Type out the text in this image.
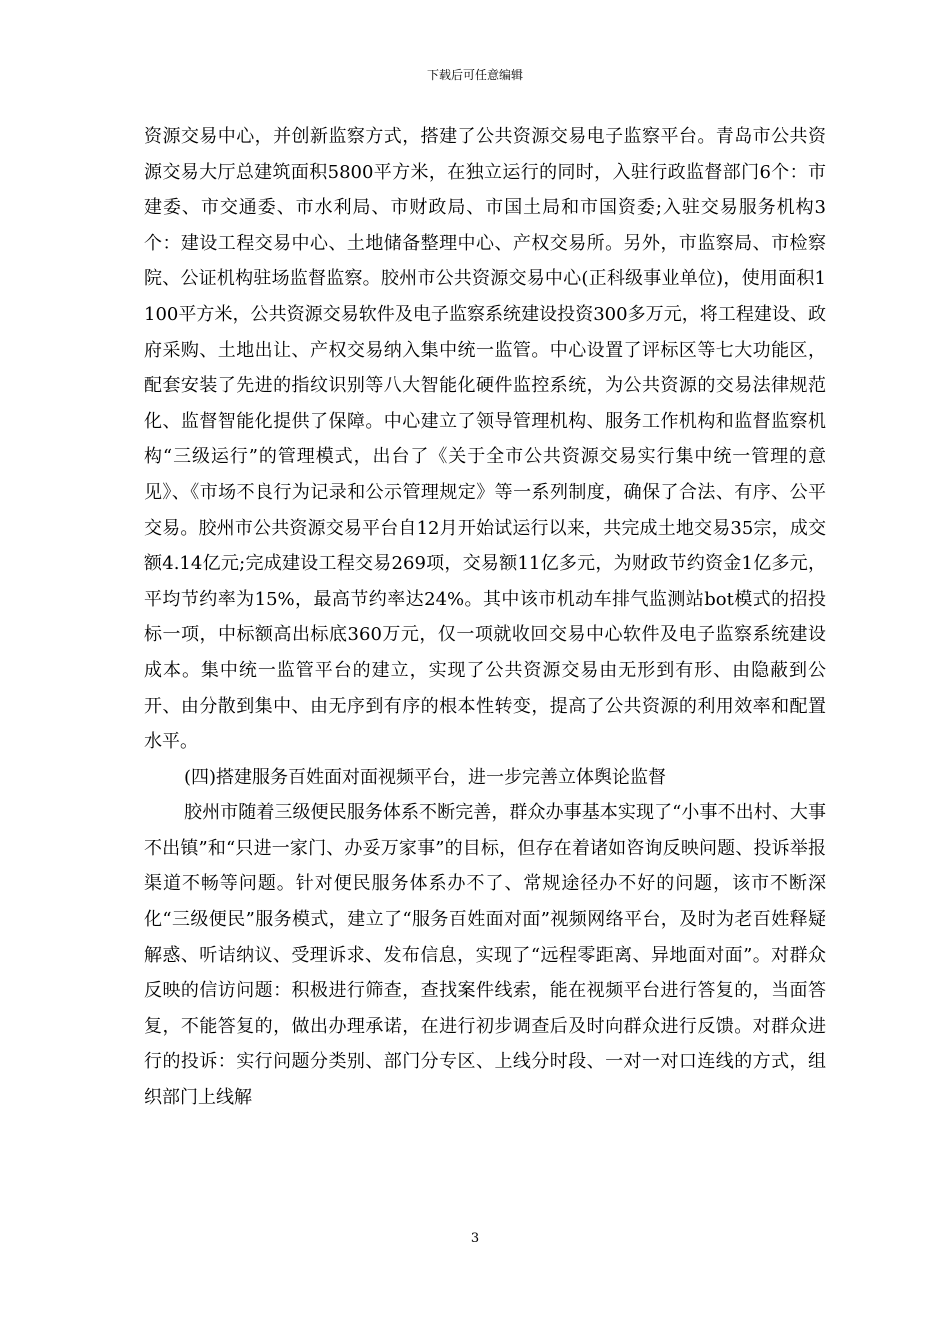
下载后可任意编辑

资源交易中心，并创新监察方式，搭建了公共资源交易电子监察平台。青岛市公共资源交易大厅总建筑面积5800平方米，在独立运行的同时，入驻行政监督部门6个：市建委、市交通委、市水利局、市财政局、市国土局和市国资委;入驻交易服务机构3个：建设工程交易中心、土地储备整理中心、产权交易所。另外，市监察局、市检察院、公证机构驻场监督监察。胶州市公共资源交易中心(正科级事业单位)，使用面积1100平方米，公共资源交易软件及电子监察系统建设投资300多万元，将工程建设、政府采购、土地出让、产权交易纳入集中统一监管。中心设置了评标区等七大功能区，配套安装了先进的指纹识别等八大智能化硬件监控系统，为公共资源的交易法律规范化、监督智能化提供了保障。中心建立了领导管理机构、服务工作机构和监督监察机构“三级运行”的管理模式，出台了《关于全市公共资源交易实行集中统一管理的意见》、《市场不良行为记录和公示管理规定》等一系列制度，确保了合法、有序、公平交易。胶州市公共资源交易平台自12月开始试运行以来，共完成土地交易35宗，成交额4.14亿元;完成建设工程交易269项，交易额11亿多元，为财政节约资金1亿多元，平均节约率为15%，最高节约率达24%。其中该市机动车排气监测站bot模式的招投标一项，中标额高出标底360万元，仅一项就收回交易中心软件及电子监察系统建设成本。集中统一监管平台的建立，实现了公共资源交易由无形到有形、由隐蔽到公开、由分散到集中、由无序到有序的根本性转变，提高了公共资源的利用效率和配置水平。

(四)搭建服务百姓面对面视频平台，进一步完善立体舆论监督

胶州市随着三级便民服务体系不断完善，群众办事基本实现了“小事不出村、大事不出镇”和“只进一家门、办妥万家事”的目标，但存在着诸如咨询反映问题、投诉举报渠道不畅等问题。针对便民服务体系办不了、常规途径办不好的问题，该市不断深化“三级便民”服务模式，建立了“服务百姓面对面”视频网络平台，及时为老百姓释疑解惑、听诘纳议、受理诉求、发布信息，实现了“远程零距离、异地面对面”。对群众反映的信访问题：积极进行筛查，查找案件线索，能在视频平台进行答复的，当面答复，不能答复的，做出办理承诺，在进行初步调查后及时向群众进行反馈。对群众进行的投诉：实行问题分类别、部门分专区、上线分时段、一对一对口连线的方式，组织部门上线解

3
